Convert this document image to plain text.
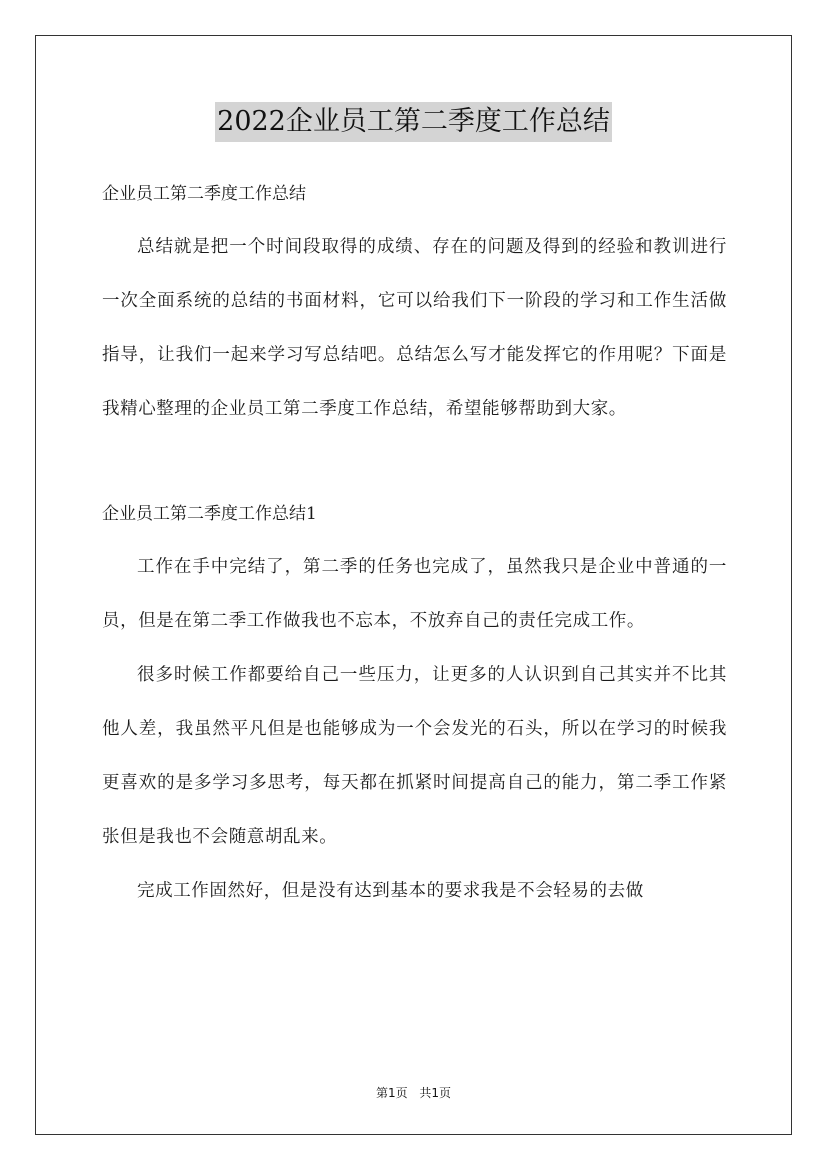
2022企业员工第二季度工作总结

企业员工第二季度工作总结

总结就是把一个时间段取得的成绩、存在的问题及得到的经验和教训进行一次全面系统的总结的书面材料，它可以给我们下一阶段的学习和工作生活做指导，让我们一起来学习写总结吧。总结怎么写才能发挥它的作用呢？下面是我精心整理的企业员工第二季度工作总结，希望能够帮助到大家。

企业员工第二季度工作总结1

工作在手中完结了，第二季的任务也完成了，虽然我只是企业中普通的一员，但是在第二季工作做我也不忘本，不放弃自己的责任完成工作。

很多时候工作都要给自己一些压力，让更多的人认识到自己其实并不比其他人差，我虽然平凡但是也能够成为一个会发光的石头，所以在学习的时候我更喜欢的是多学习多思考，每天都在抓紧时间提高自己的能力，第二季工作紧张但是我也不会随意胡乱来。

完成工作固然好，但是没有达到基本的要求我是不会轻易的去做

第1页 共1页
